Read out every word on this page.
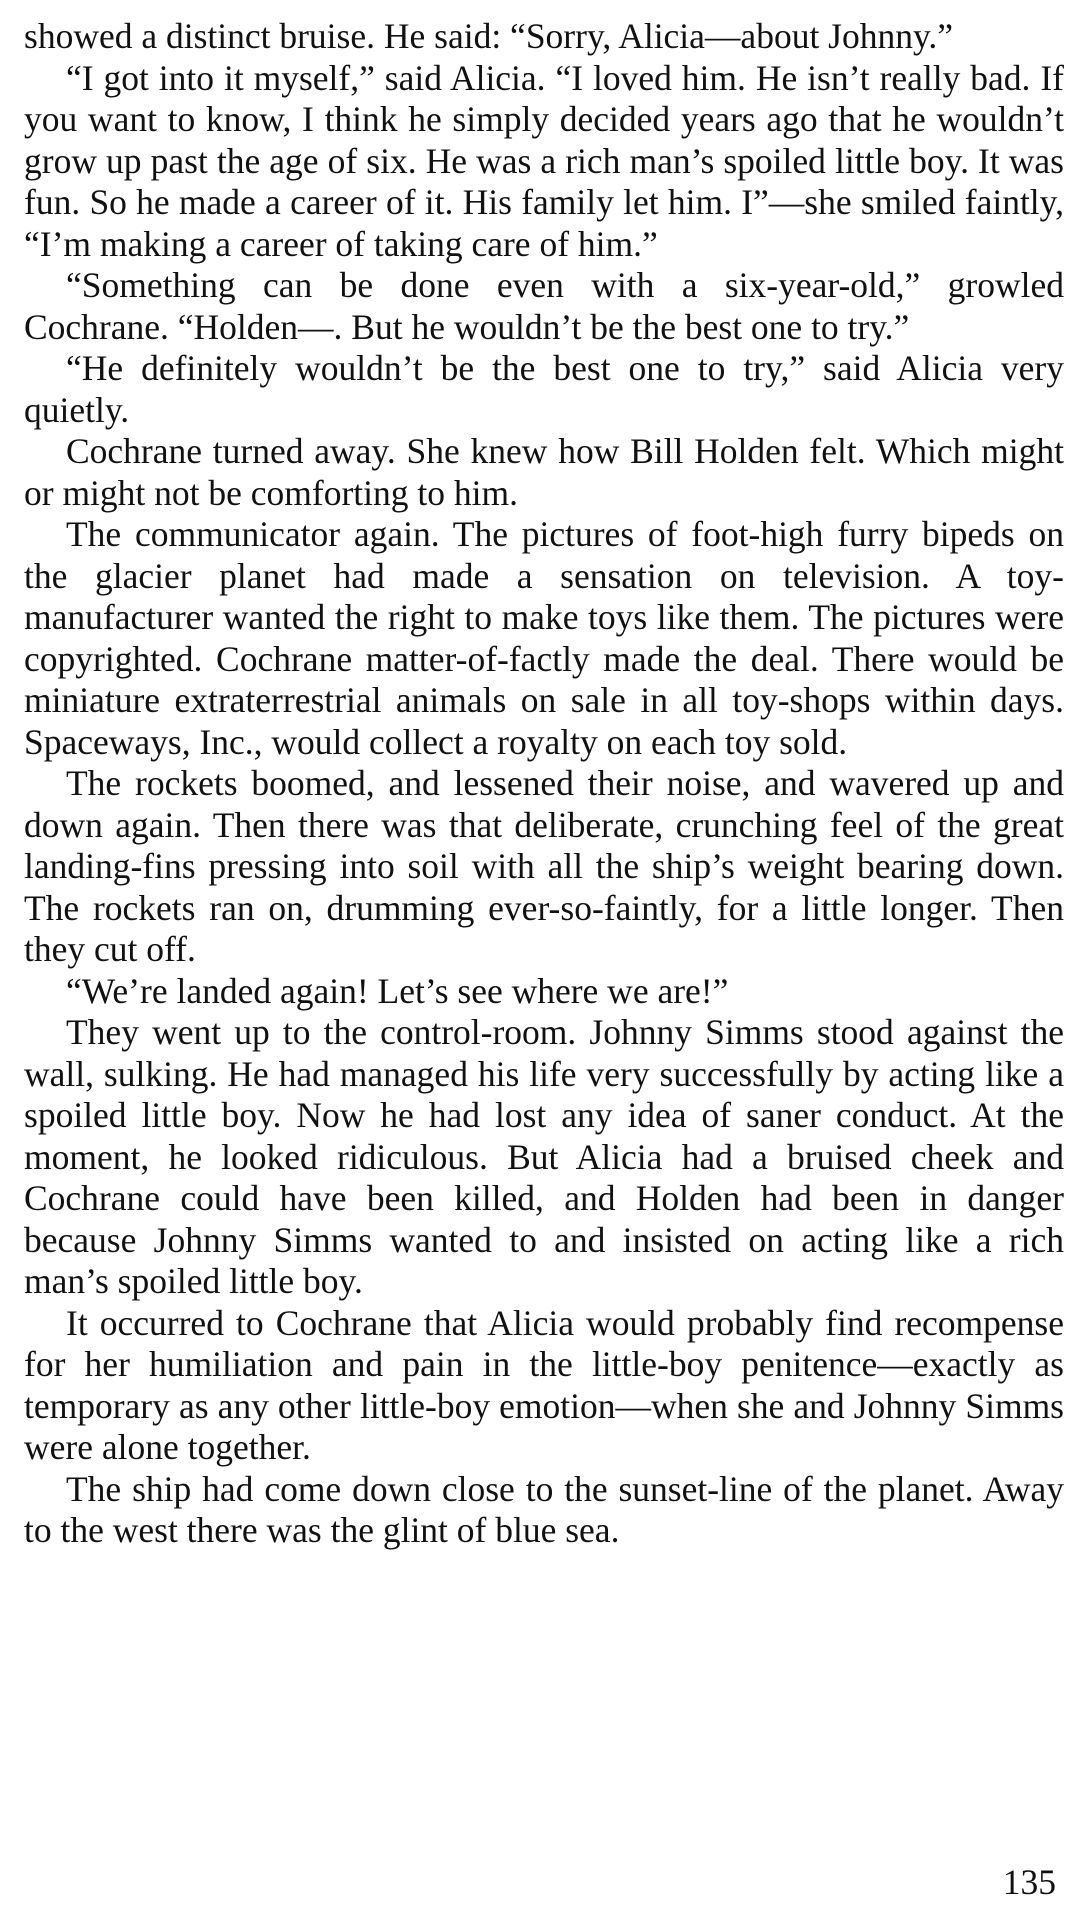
showed a distinct bruise. He said: “Sorry, Alicia—about Johnny.”

“I got into it myself,” said Alicia. “I loved him. He isn’t really bad. If you want to know, I think he simply decided years ago that he wouldn’t grow up past the age of six. He was a rich man’s spoiled little boy. It was fun. So he made a career of it. His family let him. I”—she smiled faintly, “I’m making a career of taking care of him.”

“Something can be done even with a six-year-old,” growled Cochrane. “Holden—. But he wouldn’t be the best one to try.”

“He definitely wouldn’t be the best one to try,” said Alicia very quietly.

Cochrane turned away. She knew how Bill Holden felt. Which might or might not be comforting to him.

The communicator again. The pictures of foot-high furry bipeds on the glacier planet had made a sensation on television. A toy-manufacturer wanted the right to make toys like them. The pictures were copyrighted. Cochrane matter-of-factly made the deal. There would be miniature extraterrestrial animals on sale in all toy-shops within days. Spaceways, Inc., would collect a royalty on each toy sold.

The rockets boomed, and lessened their noise, and wavered up and down again. Then there was that deliberate, crunching feel of the great landing-fins pressing into soil with all the ship’s weight bearing down. The rockets ran on, drumming ever-so-faintly, for a little longer. Then they cut off.

“We’re landed again! Let’s see where we are!”

They went up to the control-room. Johnny Simms stood against the wall, sulking. He had managed his life very successfully by acting like a spoiled little boy. Now he had lost any idea of saner conduct. At the moment, he looked ridiculous. But Alicia had a bruised cheek and Cochrane could have been killed, and Holden had been in danger because Johnny Simms wanted to and insisted on acting like a rich man’s spoiled little boy.

It occurred to Cochrane that Alicia would probably find recompense for her humiliation and pain in the little-boy penitence—exactly as temporary as any other little-boy emotion—when she and Johnny Simms were alone together.

The ship had come down close to the sunset-line of the planet. Away to the west there was the glint of blue sea.

135
